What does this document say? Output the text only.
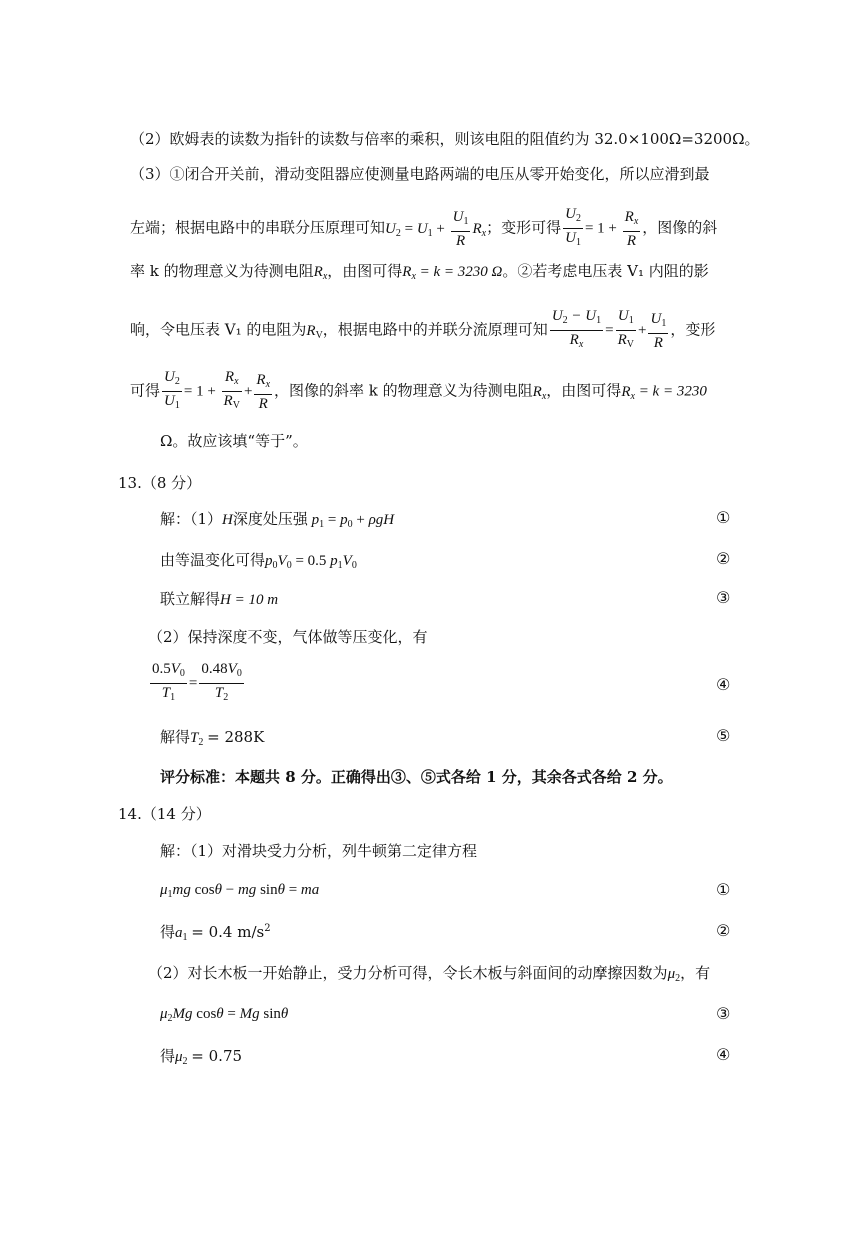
（2）欧姆表的读数为指针的读数与倍率的乘积，则该电阻的阻值约为 32.0×100Ω=3200Ω。
（3）①闭合开关前，滑动变阻器应使测量电路两端的电压从零开始变化，所以应滑到最
左端；根据电路中的串联分压原理可知$U_2 = U_1 + \frac{U_1}{R} R_x$；变形可得 $\frac{U_2}{U_1} = 1 + \frac{R_x}{R}$ ，图像的斜
率 k 的物理意义为待测电阻$R_x$，由图可得$R_x = k = 3230$ Ω。②若考虑电压表 V₁ 内阻的影
响，令电压表 V₁ 的电阻为$R_V$，根据电路中的并联分流原理可知 $\frac{U_2 - U_1}{R_x} = \frac{U_1}{R_V} + \frac{U_1}{R}$ ，变形
可得 $\frac{U_2}{U_1} = 1 + \frac{R_x}{R_V} + \frac{R_x}{R}$ ，图像的斜率 k 的物理意义为待测电阻$R_x$，由图可得$R_x = k = 3230$
Ω。故应该填“等于”。
13.（8 分）
解：（1）H深度处压强 $p_1 = p_0 + \rho gH$	①
由等温变化可得$p_0V_0 = 0.5$ $p_1V_0$	②
联立解得H = 10 m	③
（2）保持深度不变，气体做等压变化，有
$\frac{0.5V_0}{T_1} = \frac{0.48V_0}{T_2}$	④
解得$T_2 = 288K$	⑤
评分标准：本题共 8 分。正确得出③、⑤式各给 1 分，其余各式各给 2 分。
14.（14 分）
解：（1）对滑块受力分析，列牛顿第二定律方程
$\mu_1mg$ cosθ − mg sinθ = ma	①
得$a_1 = 0.4$ $m/s^2$	②
（2）对长木板一开始静止，受力分析可得，令长木板与斜面间的动摩擦因数为$\mu_2$，有
$\mu_2Mg$ cosθ = Mg sinθ	③
得$\mu_2 = 0.75$	④
